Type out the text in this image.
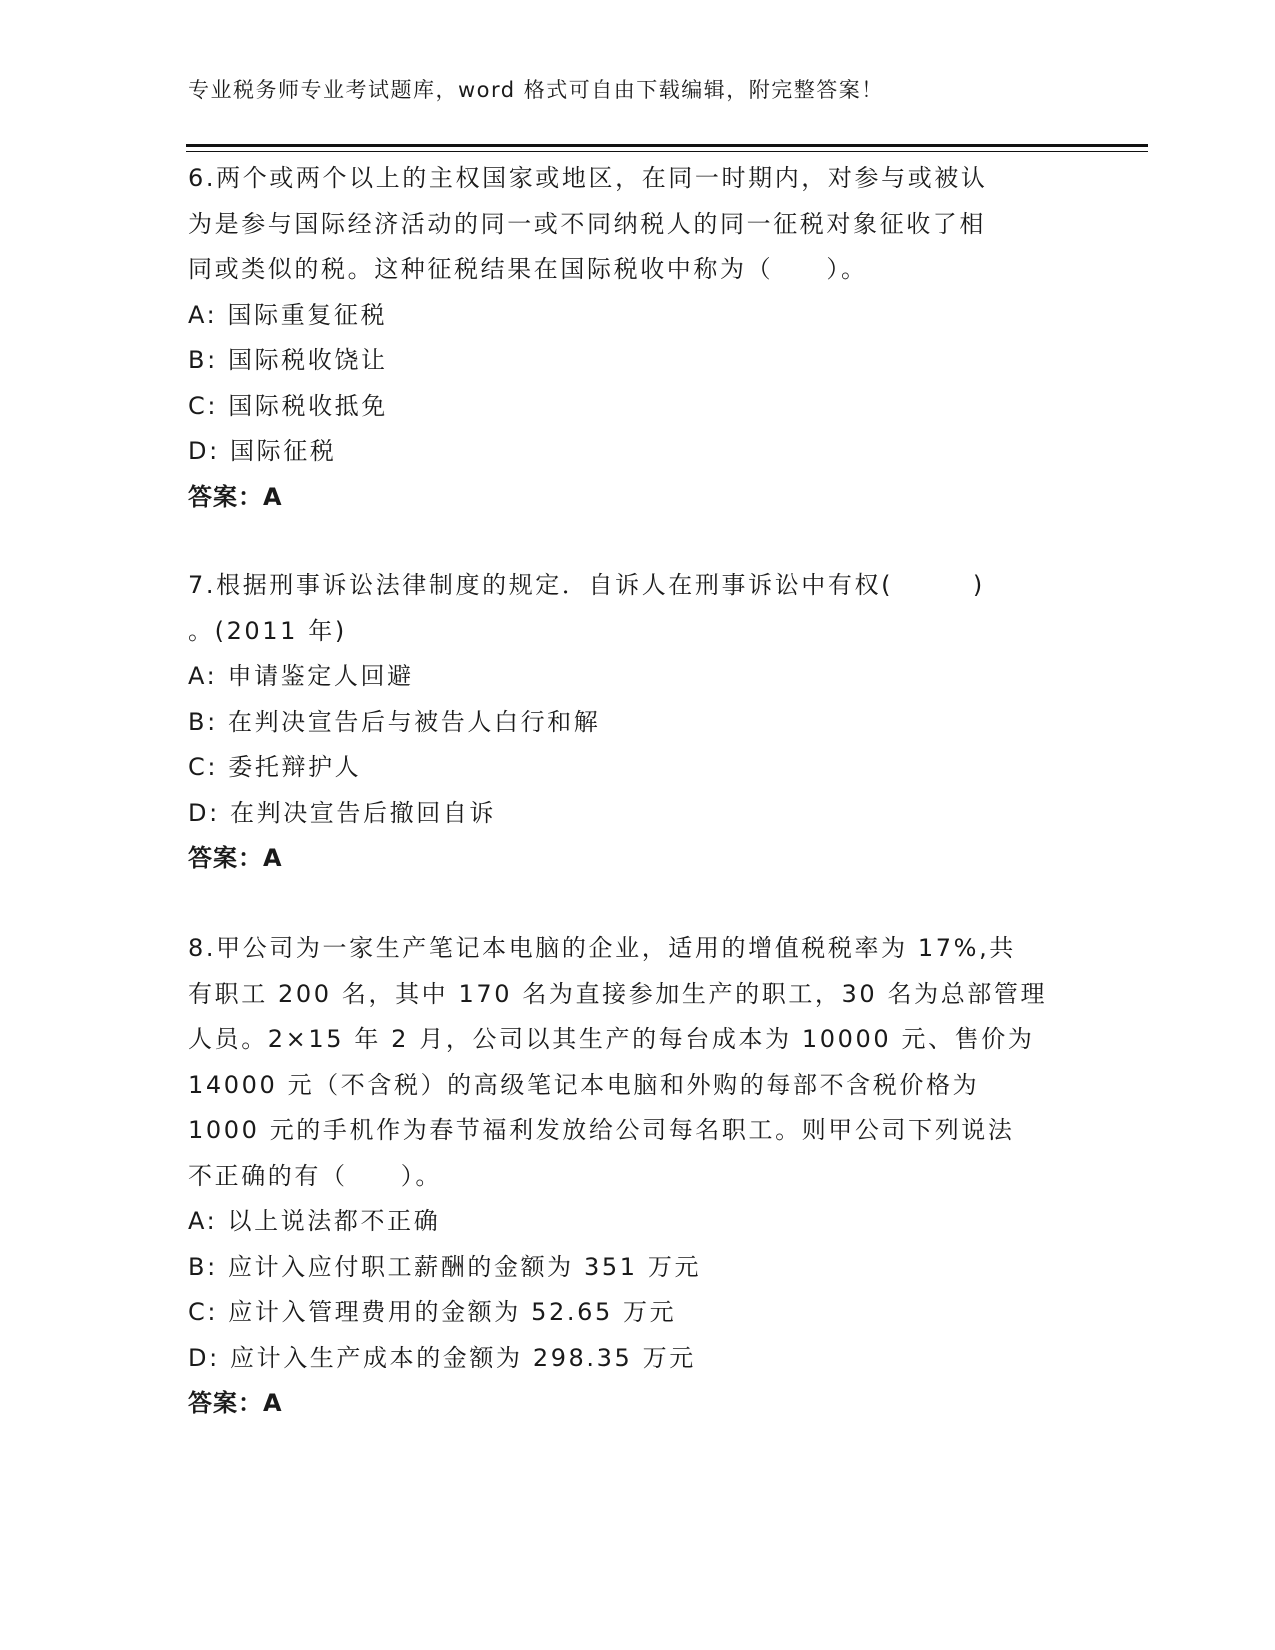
专业税务师专业考试题库，word 格式可自由下载编辑，附完整答案！
6.两个或两个以上的主权国家或地区，在同一时期内，对参与或被认
为是参与国际经济活动的同一或不同纳税人的同一征税对象征收了相
同或类似的税。这种征税结果在国际税收中称为（　　）。
A: 国际重复征税
B: 国际税收饶让
C: 国际税收抵免
D: 国际征税
答案：A
7.根据刑事诉讼法律制度的规定．自诉人在刑事诉讼中有权(　　　)
。(2011 年)
A: 申请鉴定人回避
B: 在判决宣告后与被告人白行和解
C: 委托辩护人
D: 在判决宣告后撤回自诉
答案：A
8.甲公司为一家生产笔记本电脑的企业，适用的增值税税率为 17%,共
有职工 200 名，其中 170 名为直接参加生产的职工，30 名为总部管理
人员。2×15 年 2 月，公司以其生产的每台成本为 10000 元、售价为
14000 元（不含税）的高级笔记本电脑和外购的每部不含税价格为
1000 元的手机作为春节福利发放给公司每名职工。则甲公司下列说法
不正确的有（　　）。
A: 以上说法都不正确
B: 应计入应付职工薪酬的金额为 351 万元
C: 应计入管理费用的金额为 52.65 万元
D: 应计入生产成本的金额为 298.35 万元
答案：A
